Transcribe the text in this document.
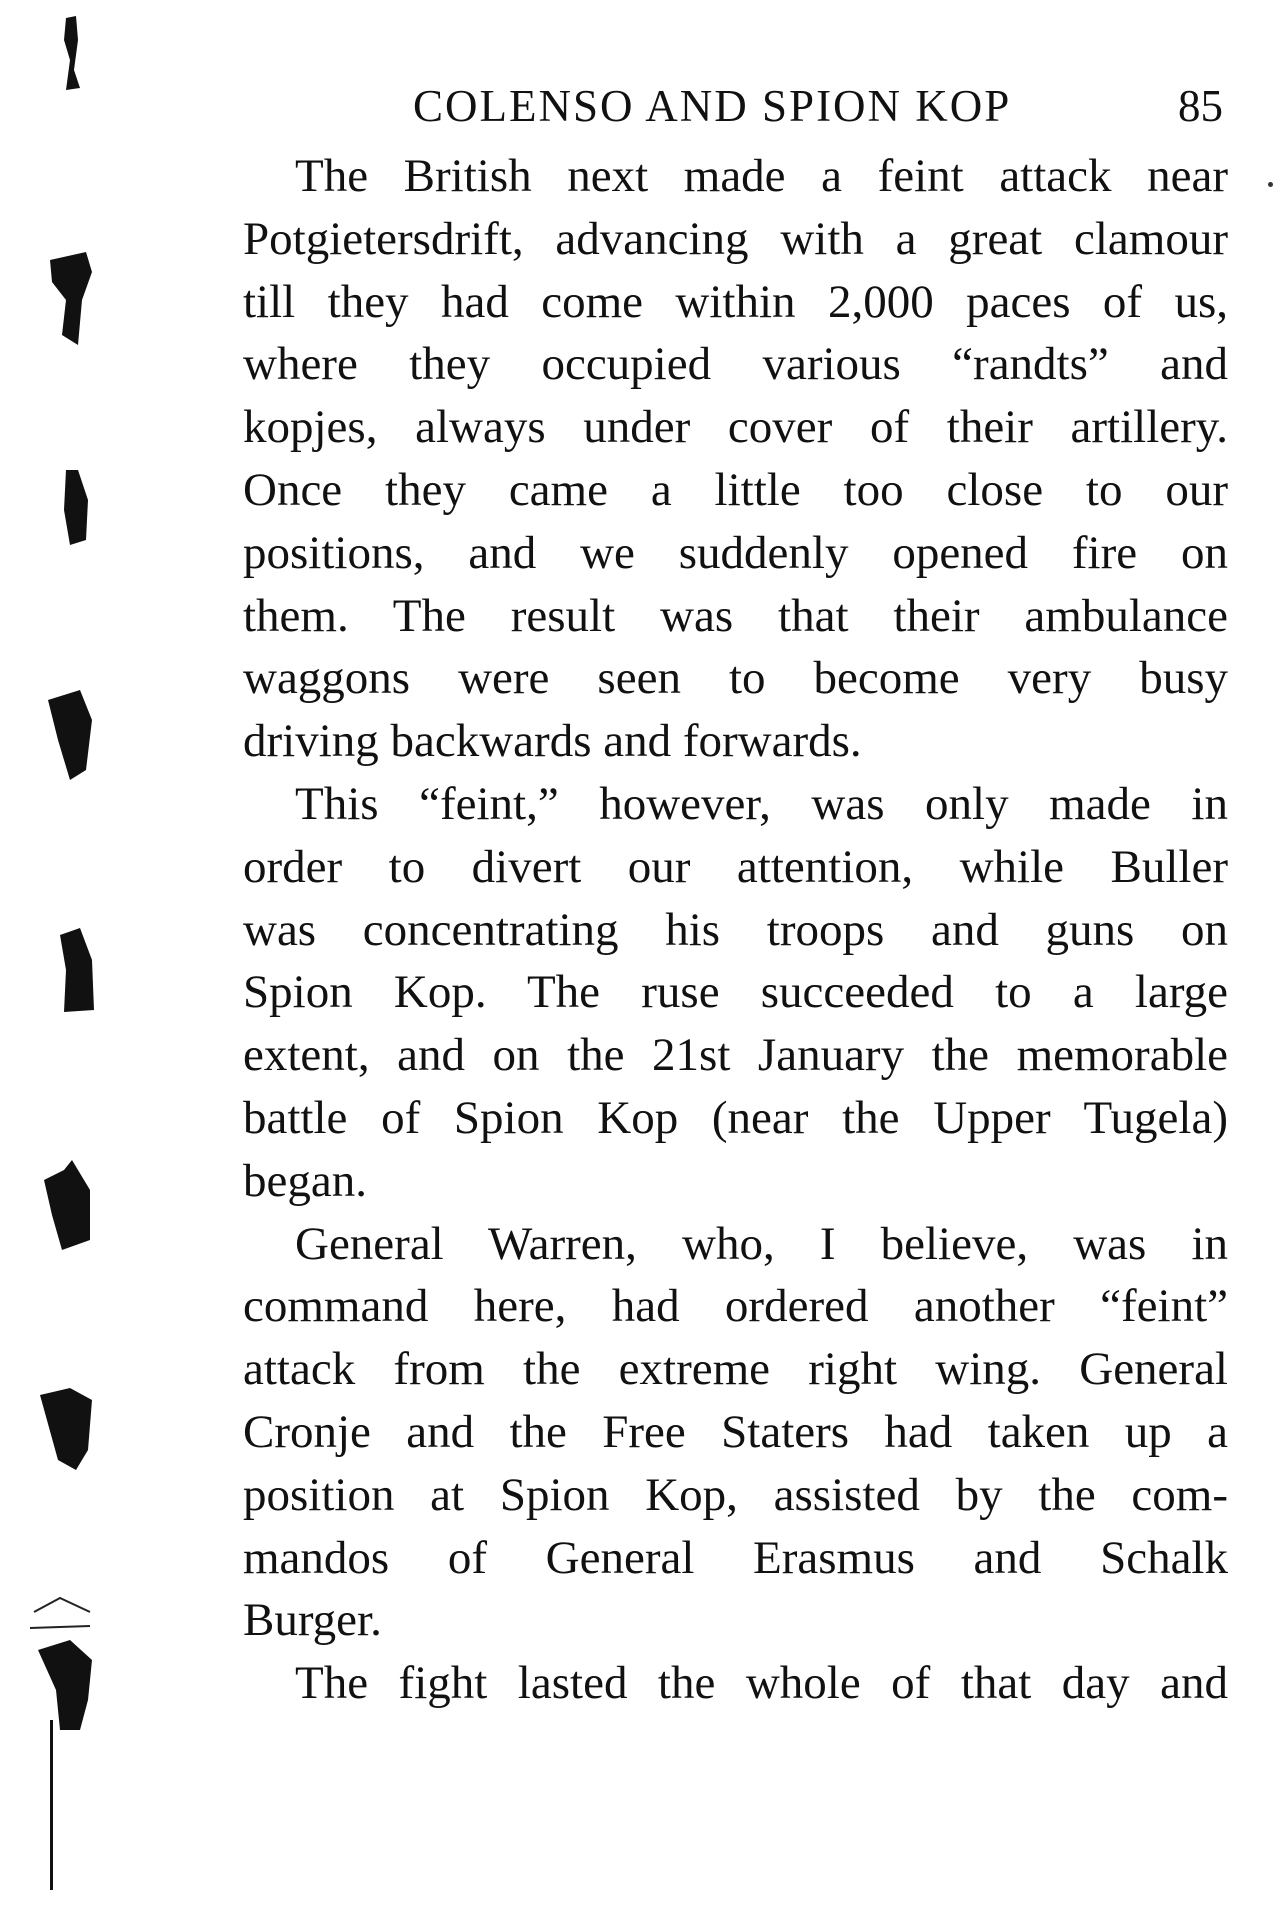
COLENSO AND SPION KOP	85
The British next made a feint attack near
Potgietersdrift, advancing with a great clamour
till they had come within 2,000 paces of us,
where they occupied various “randts” and
kopjes, always under cover of their artillery.
Once they came a little too close to our
positions, and we suddenly opened fire on
them. The result was that their ambulance
waggons were seen to become very busy
driving backwards and forwards.
This “feint,” however, was only made in
order to divert our attention, while Buller
was concentrating his troops and guns on
Spion Kop. The ruse succeeded to a large
extent, and on the 21st January the memorable
battle of Spion Kop (near the Upper Tugela)
began.
General Warren, who, I believe, was in
command here, had ordered another “feint”
attack from the extreme right wing. General
Cronje and the Free Staters had taken up a
position at Spion Kop, assisted by the com-
mandos of General Erasmus and Schalk
Burger.
The fight lasted the whole of that day and
